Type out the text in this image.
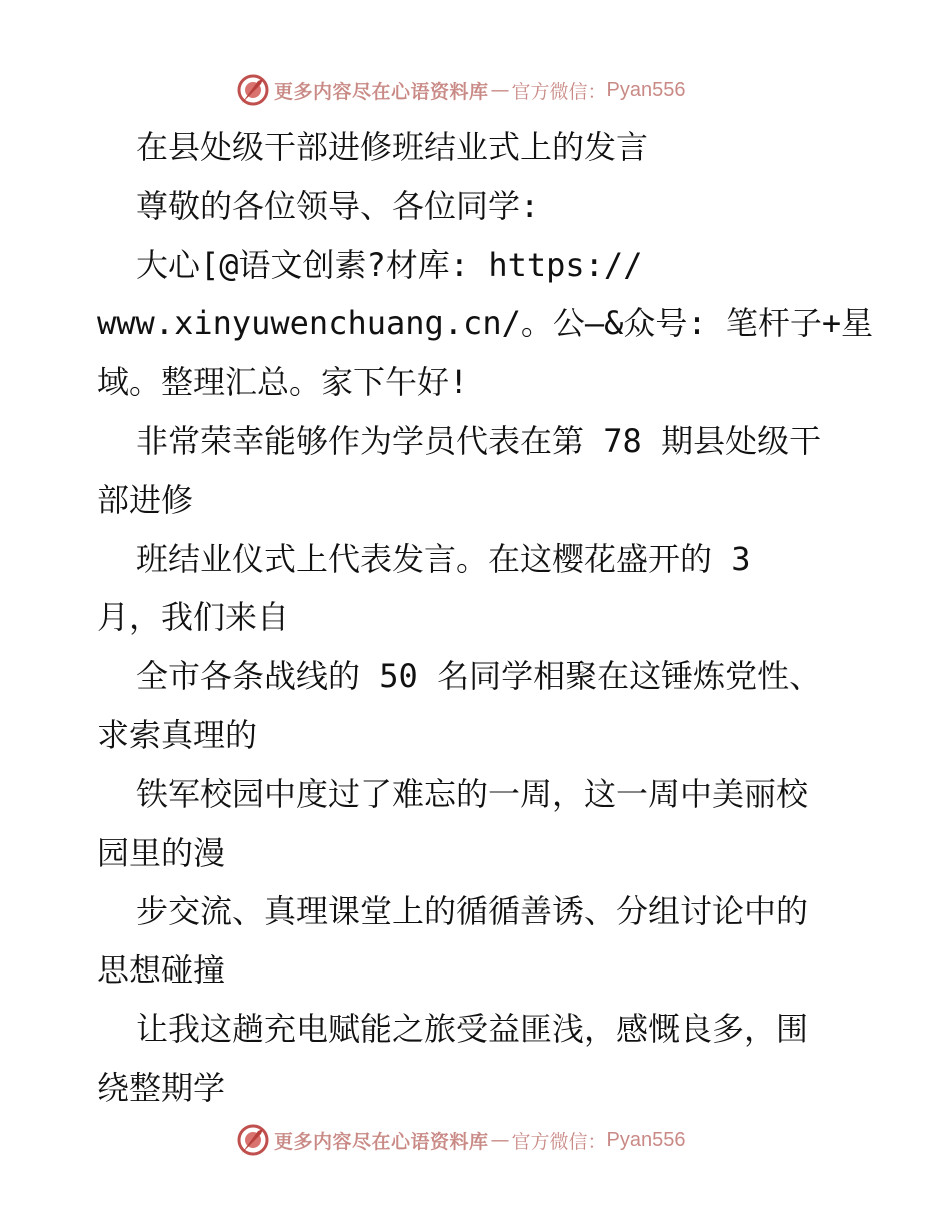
更多内容尽在心语资料库 — 官方微信： Pyan556
在县处级干部进修班结业式上的发言
尊敬的各位领导、各位同学:
大心[@语文创素?材库: https://
www.xinyuwenchuang.cn/。公—&众号: 笔杆子+星
域。整理汇总。家下午好!
非常荣幸能够作为学员代表在第 78 期县处级干
部进修
班结业仪式上代表发言。在这樱花盛开的 3
月，我们来自
全市各条战线的 50 名同学相聚在这锤炼党性、
求索真理的
铁军校园中度过了难忘的一周，这一周中美丽校
园里的漫
步交流、真理课堂上的循循善诱、分组讨论中的
思想碰撞
让我这趟充电赋能之旅受益匪浅，感慨良多，围
绕整期学
更多内容尽在心语资料库 — 官方微信： Pyan556
